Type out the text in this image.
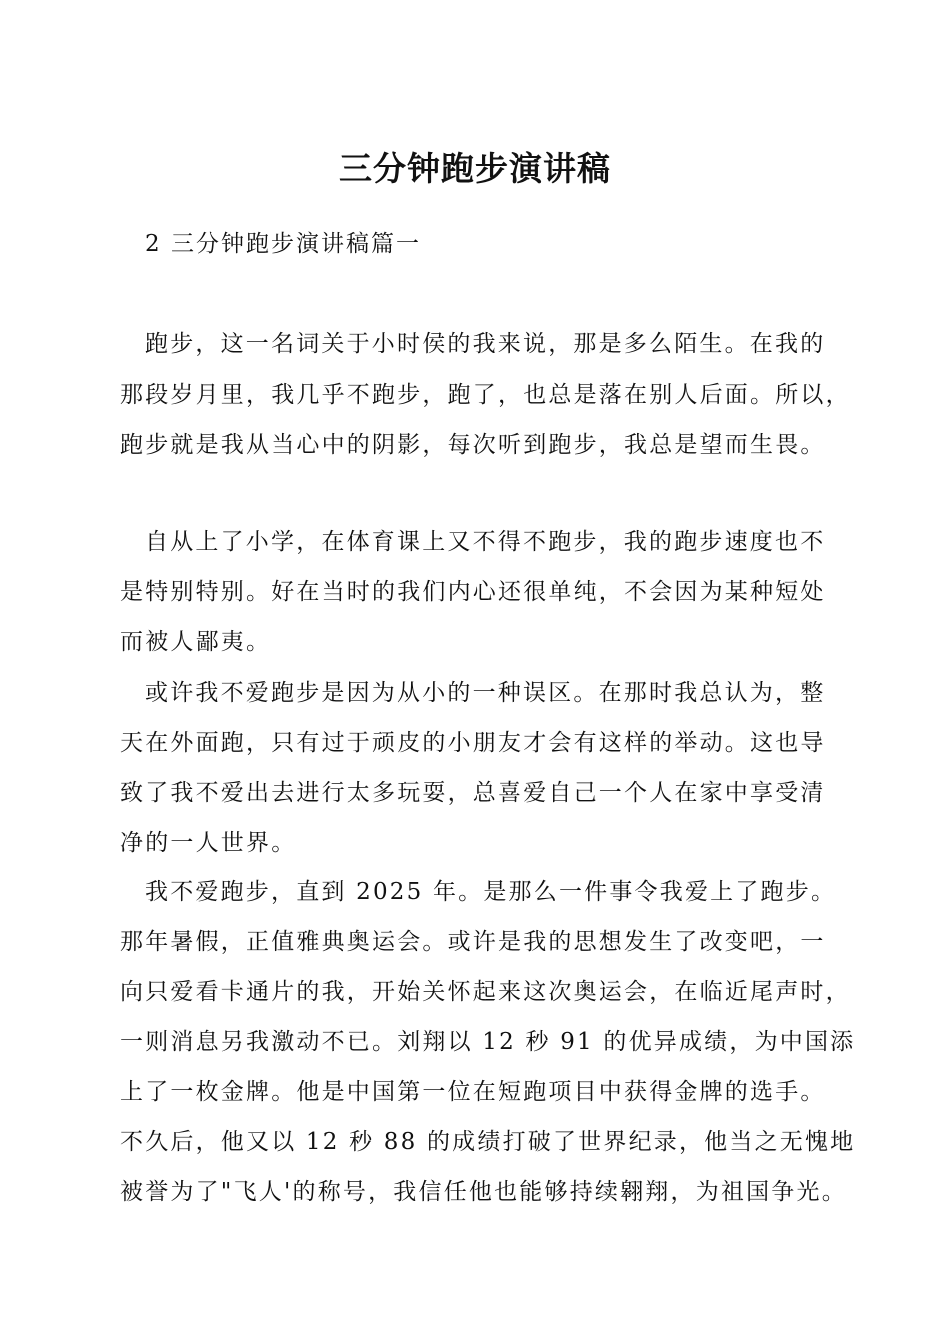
三分钟跑步演讲稿
2 三分钟跑步演讲稿篇一
跑步，这一名词关于小时侯的我来说，那是多么陌生。在我的
那段岁月里，我几乎不跑步，跑了，也总是落在别人后面。所以，
跑步就是我从当心中的阴影，每次听到跑步，我总是望而生畏。
自从上了小学，在体育课上又不得不跑步，我的跑步速度也不
是特别特别。好在当时的我们内心还很单纯，不会因为某种短处
而被人鄙夷。
或许我不爱跑步是因为从小的一种误区。在那时我总认为，整
天在外面跑，只有过于顽皮的小朋友才会有这样的举动。这也导
致了我不爱出去进行太多玩耍，总喜爱自己一个人在家中享受清
净的一人世界。
我不爱跑步，直到 2025 年。是那么一件事令我爱上了跑步。
那年暑假，正值雅典奥运会。或许是我的思想发生了改变吧，一
向只爱看卡通片的我，开始关怀起来这次奥运会，在临近尾声时，
一则消息另我激动不已。刘翔以 12 秒 91 的优异成绩，为中国添
上了一枚金牌。他是中国第一位在短跑项目中获得金牌的选手。
不久后，他又以 12 秒 88 的成绩打破了世界纪录，他当之无愧地
被誉为了"飞人'的称号，我信任他也能够持续翱翔，为祖国争光。
